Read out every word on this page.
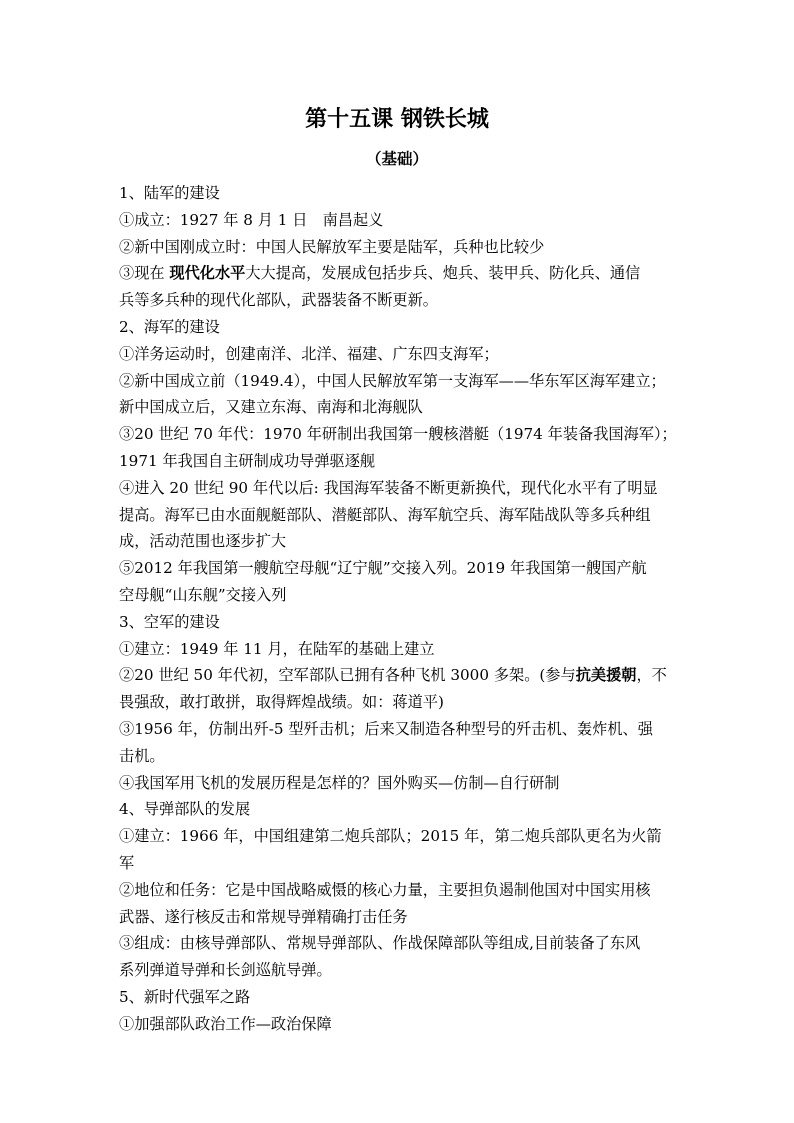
第十五课 钢铁长城
（基础）
1、陆军的建设
①成立：1927 年 8 月 1 日　南昌起义
②新中国刚成立时：中国人民解放军主要是陆军，兵种也比较少
③现在 现代化水平大大提高，发展成包括步兵、炮兵、装甲兵、防化兵、通信
兵等多兵种的现代化部队，武器装备不断更新。
2、海军的建设
①洋务运动时，创建南洋、北洋、福建、广东四支海军；
②新中国成立前（1949.4），中国人民解放军第一支海军——华东军区海军建立；
新中国成立后，又建立东海、南海和北海舰队
③20 世纪 70 年代：1970 年研制出我国第一艘核潜艇（1974 年装备我国海军）；
1971 年我国自主研制成功导弹驱逐舰
④进入 20 世纪 90 年代以后: 我国海军装备不断更新换代，现代化水平有了明显
提高。海军已由水面舰艇部队、潜艇部队、海军航空兵、海军陆战队等多兵种组
成，活动范围也逐步扩大
⑤2012 年我国第一艘航空母舰“辽宁舰”交接入列。2019 年我国第一艘国产航
空母舰“山东舰”交接入列
3、空军的建设
①建立：1949 年 11 月，在陆军的基础上建立
②20 世纪 50 年代初，空军部队已拥有各种飞机 3000 多架。(参与抗美援朝，不
畏强敌，敢打敢拼，取得辉煌战绩。如：蒋道平)
③1956 年，仿制出歼-5 型歼击机；后来又制造各种型号的歼击机、轰炸机、强
击机。
④我国军用飞机的发展历程是怎样的？国外购买—仿制—自行研制
4、导弹部队的发展
①建立：1966 年，中国组建第二炮兵部队；2015 年，第二炮兵部队更名为火箭
军
②地位和任务：它是中国战略威慑的核心力量，主要担负遏制他国对中国实用核
武器、遂行核反击和常规导弹精确打击任务
③组成：由核导弹部队、常规导弹部队、作战保障部队等组成,目前装备了东风
系列弹道导弹和长剑巡航导弹。
5、新时代强军之路
①加强部队政治工作—政治保障
